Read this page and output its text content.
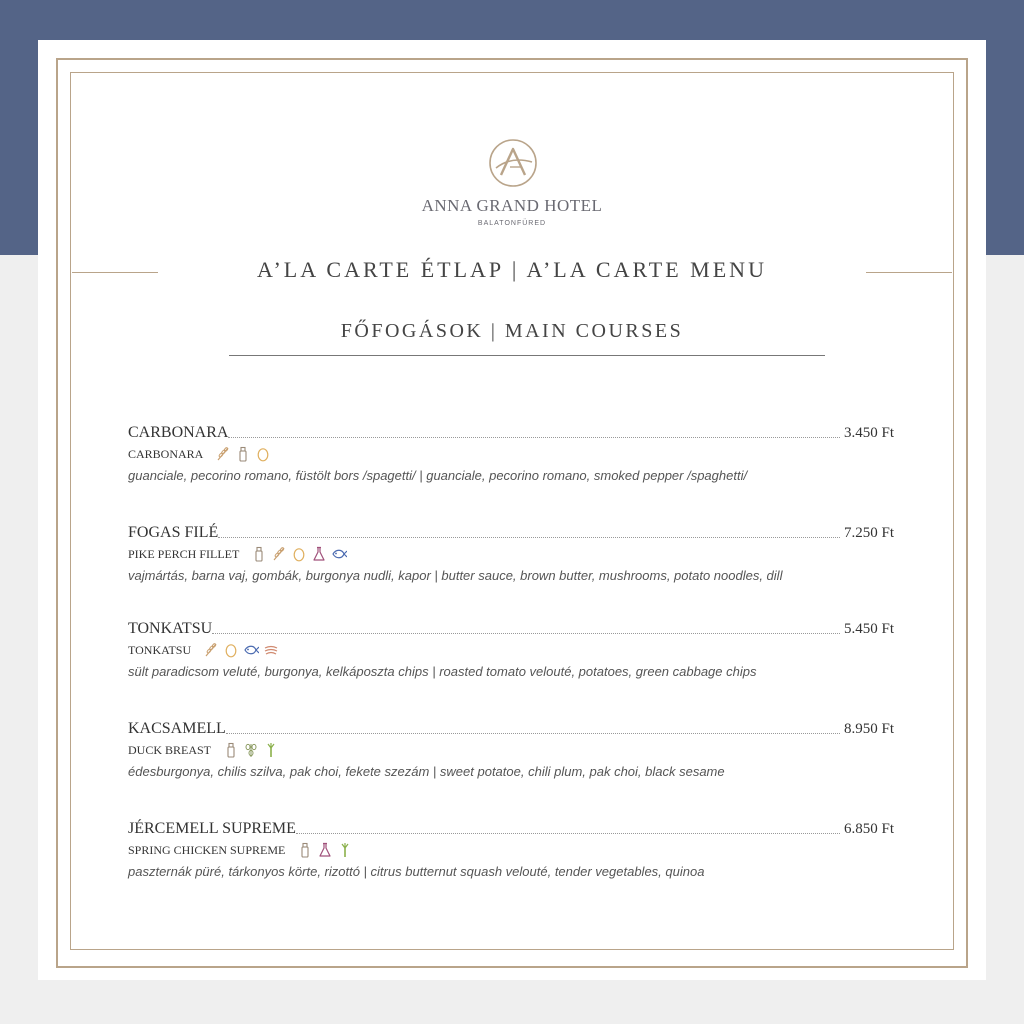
ANNA GRAND HOTEL
BALATONFÜRED
A’LA CARTE ÉTLAP | A’LA CARTE MENU
FŐFOGÁSOK | MAIN COURSES
CARBONARA	3.450 Ft
CARBONARA
guanciale, pecorino romano, füstölt bors /spagetti/ | guanciale, pecorino romano, smoked pepper /spaghetti/
FOGAS FILÉ	7.250 Ft
PIKE PERCH FILLET
vajmártás, barna vaj, gombák, burgonya nudli, kapor | butter sauce, brown butter, mushrooms, potato noodles, dill
TONKATSU	5.450 Ft
TONKATSU
sült paradicsom veluté, burgonya, kelkáposzta chips | roasted tomato velouté, potatoes, green cabbage chips
KACSAMELL	8.950 Ft
DUCK BREAST
édesburgonya, chilis szilva, pak choi, fekete szezám | sweet potatoe, chili plum, pak choi, black sesame
JÉRCEMELL SUPREME	6.850 Ft
SPRING CHICKEN SUPREME
paszternák püré, tárkonyos körte, rizottó | citrus butternut squash velouté, tender vegetables, quinoa
